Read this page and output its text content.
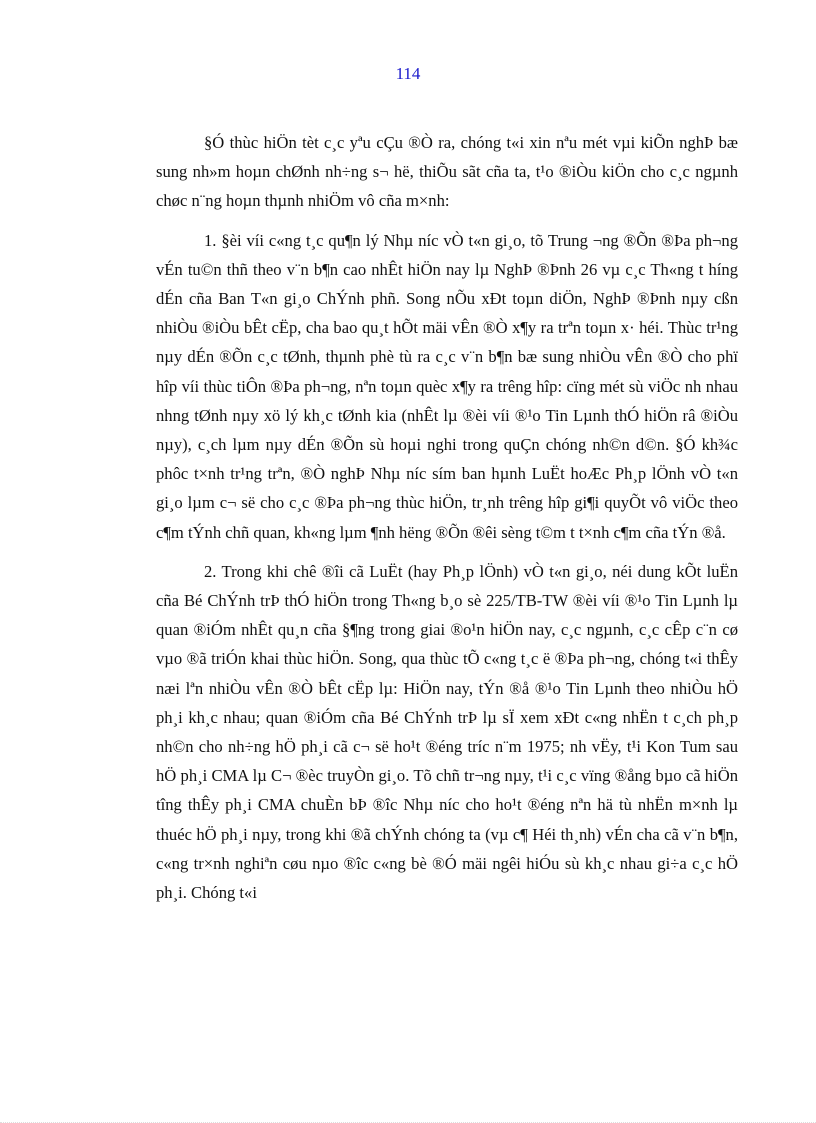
114

§Ó thùc hiÖn tèt c¸c yªu cÇu ®Ò ra, chóng t«i xin nªu mét vµi kiÕn nghÞ bæ sung nh»m hoµn chØnh nh÷ng s¬ hë, thiÕu sãt cña ta, t¹o ®iÒu kiÖn cho c¸c ngµnh chøc n¨ng hoµn thµnh nhiÖm vô cña m×nh:

1. §èi víi c«ng t¸c qu¶n lý Nhµ níc vÒ t«n gi¸o, tõ Trung ¬ng ®Õn ®Þa ph¬ng vÉn tu©n thñ theo v¨n b¶n cao nhÊt hiÖn nay lµ NghÞ ®Þnh 26 vµ c¸c Th«ng t híng dÉn cña Ban T«n gi¸o ChÝnh phñ. Song nÕu xÐt toµn diÖn, NghÞ ®Þnh nµy cßn nhiÒu ®iÒu bÊt cËp, cha bao qu¸t hÕt mäi vÊn ®Ò x¶y ra trªn toµn x· héi. Thùc tr¹ng nµy dÉn ®Õn c¸c tØnh, thµnh phè tù ra c¸c v¨n b¶n bæ sung nhiÒu vÊn ®Ò cho phï hîp víi thùc tiÔn ®Þa ph¬ng, nªn toµn quèc x¶y ra trêng hîp: cïng mét sù viÖc nh nhau nhng tØnh nµy xö lý kh¸c tØnh kia (nhÊt lµ ®èi víi ®¹o Tin Lµnh thÓ hiÖn râ ®iÒu nµy), c¸ch lµm nµy dÉn ®Õn sù hoµi nghi trong quÇn chóng nh©n d©n. §Ó kh¾c phôc t×nh tr¹ng trªn, ®Ò nghÞ Nhµ níc sím ban hµnh LuËt hoÆc Ph¸p lÖnh vÒ t«n gi¸o lµm c¬ së cho c¸c ®Þa ph¬ng thùc hiÖn, tr¸nh trêng hîp gi¶i quyÕt vô viÖc theo c¶m tÝnh chñ quan, kh«ng lµm ¶nh hëng ®Õn ®êi sèng t©m t t×nh c¶m cña tÝn ®å.

2. Trong khi chê ®îi cã LuËt (hay Ph¸p lÖnh) vÒ t«n gi¸o, néi dung kÕt luËn cña Bé ChÝnh trÞ thÓ hiÖn trong Th«ng b¸o sè 225/TB-TW ®èi víi ®¹o Tin Lµnh lµ quan ®iÓm nhÊt qu¸n cña §¶ng trong giai ®o¹n hiÖn nay, c¸c ngµnh, c¸c cÊp c¨n cø vµo ®ã triÓn khai thùc hiÖn. Song, qua thùc tÕ c«ng t¸c ë ®Þa ph¬ng, chóng t«i thÊy næi lªn nhiÒu vÊn ®Ò bÊt cËp lµ: HiÖn nay, tÝn ®å ®¹o Tin Lµnh theo nhiÒu hÖ ph¸i kh¸c nhau; quan ®iÓm cña Bé ChÝnh trÞ lµ sÏ xem xÐt c«ng nhËn t c¸ch ph¸p nh©n cho nh÷ng hÖ ph¸i cã c¬ së ho¹t ®éng tríc n¨m 1975; nh vËy, t¹i Kon Tum sau hÖ ph¸i CMA lµ C¬ ®èc truyÒn gi¸o. Tõ chñ tr¬ng nµy, t¹i c¸c vïng ®ång bµo cã hiÖn tîng thÊy ph¸i CMA chuÈn bÞ ®îc Nhµ níc cho ho¹t ®éng nªn hä tù nhËn m×nh lµ thuéc hÖ ph¸i nµy, trong khi ®ã chÝnh chóng ta (vµ c¶ Héi th¸nh) vÉn cha cã v¨n b¶n, c«ng tr×nh nghiªn cøu nµo ®îc c«ng bè ®Ó mäi ngêi hiÓu sù kh¸c nhau gi÷a c¸c hÖ ph¸i. Chóng t«i
